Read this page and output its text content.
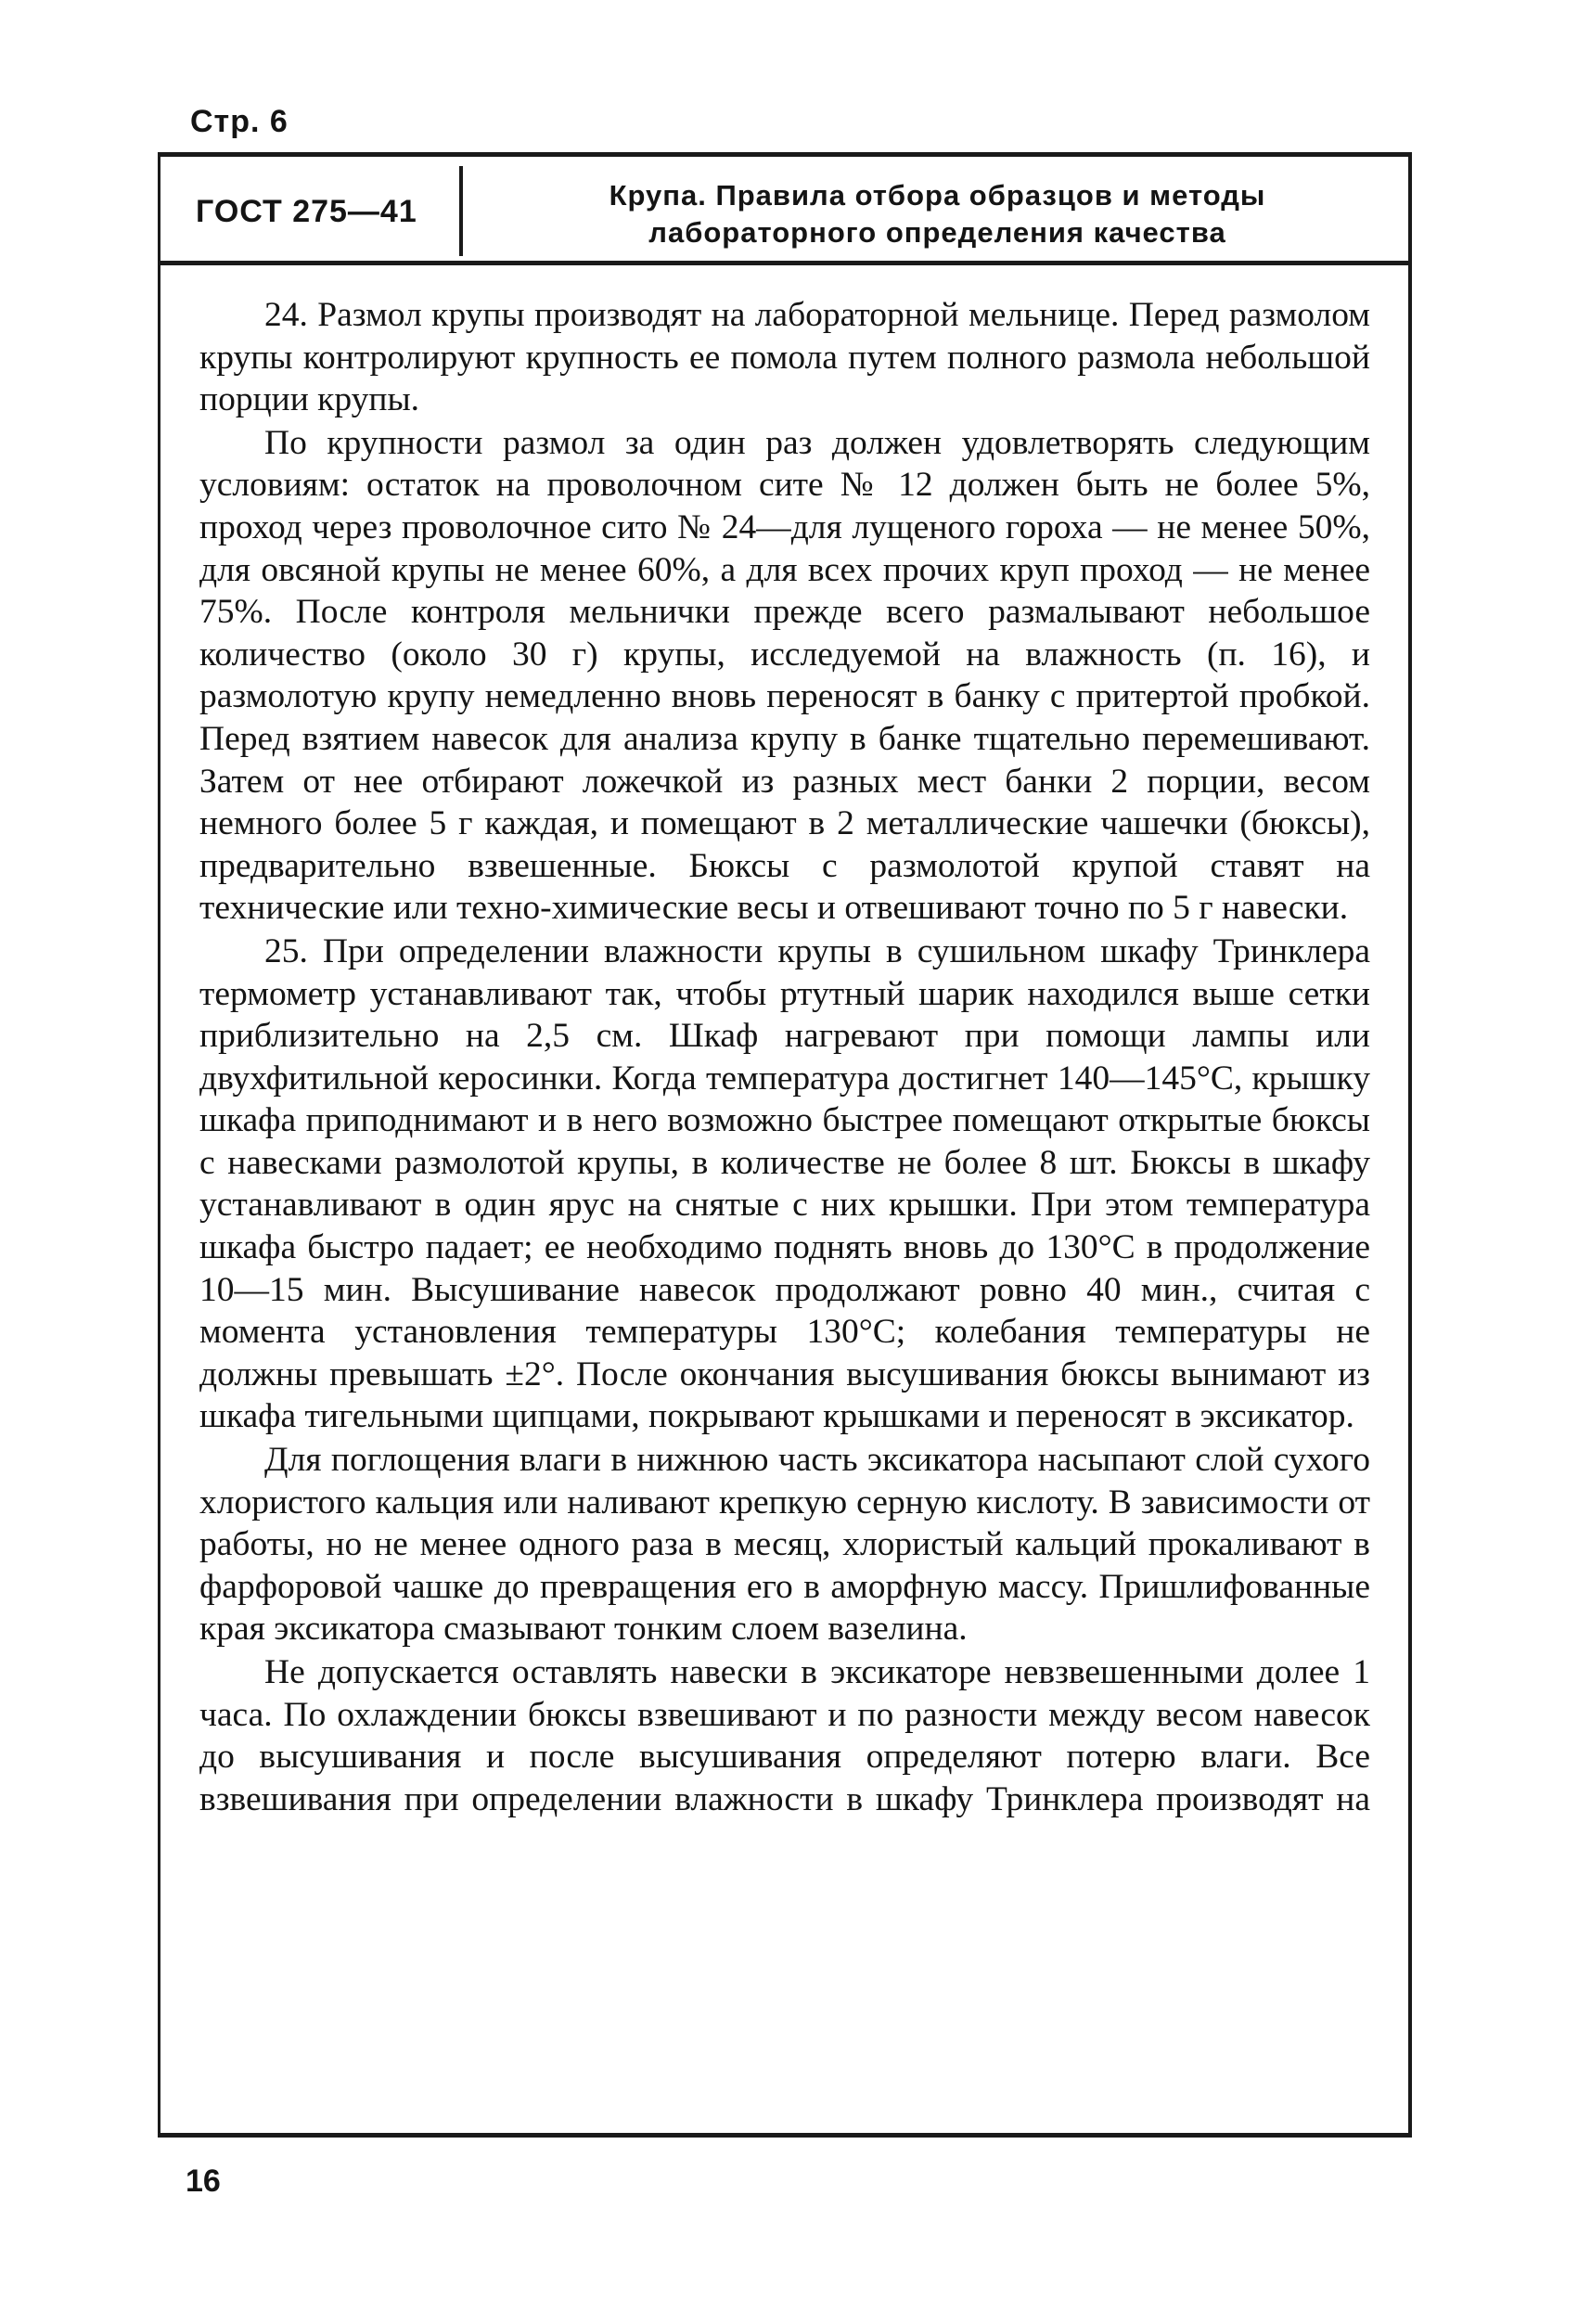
Стр. 6
ГОСТ 275—41	Крупа. Правила отбора образцов и методы
лабораторного определения качества

24. Размол крупы производят на лабораторной мельнице. Перед размолом крупы контролируют крупность ее помола путем полного размола небольшой порции крупы.

По крупности размол за один раз должен удовлетворять следующим условиям: остаток на проволочном сите № 12 должен быть не более 5%, проход через проволочное сито № 24—для лущеного гороха — не менее 50%, для овсяной крупы не менее 60%, а для всех прочих круп проход — не менее 75%. После контроля мельнички прежде всего размалывают небольшое количество (около 30 г) крупы, исследуемой на влажность (п. 16), и размолотую крупу немедленно вновь переносят в банку с притертой пробкой. Перед взятием навесок для анализа крупу в банке тщательно перемешивают. Затем от нее отбирают ложечкой из разных мест банки 2 порции, весом немного более 5 г каждая, и помещают в 2 металлические чашечки (бюксы), предварительно взвешенные. Бюксы с размолотой крупой ставят на технические или техно-химические весы и отвешивают точно по 5 г навески.

25. При определении влажности крупы в сушильном шкафу Тринклера термометр устанавливают так, чтобы ртутный шарик находился выше сетки приблизительно на 2,5 см. Шкаф нагревают при помощи лампы или двухфитильной керосинки. Когда температура достигнет 140—145°С, крышку шкафа приподнимают и в него возможно быстрее помещают открытые бюксы с навесками размолотой крупы, в количестве не более 8 шт. Бюксы в шкафу устанавливают в один ярус на снятые с них крышки. При этом температура шкафа быстро падает; ее необходимо поднять вновь до 130°С в продолжение 10—15 мин. Высушивание навесок продолжают ровно 40 мин., считая с момента установления температуры 130°С; колебания температуры не должны превышать ±2°. После окончания высушивания бюксы вынимают из шкафа тигельными щипцами, покрывают крышками и переносят в эксикатор.

Для поглощения влаги в нижнюю часть эксикатора насыпают слой сухого хлористого кальция или наливают крепкую серную кислоту. В зависимости от работы, но не менее одного раза в месяц, хлористый кальций прокаливают в фарфоровой чашке до превращения его в аморфную массу. Пришлифованные края эксикатора смазывают тонким слоем вазелина.

Не допускается оставлять навески в эксикаторе невзвешенными долее 1 часа. По охлаждении бюксы взвешивают и по разности между весом навесок до высушивания и после высушивания определяют потерю влаги. Все взвешивания при определении влажности в шкафу Тринклера производят на

16
